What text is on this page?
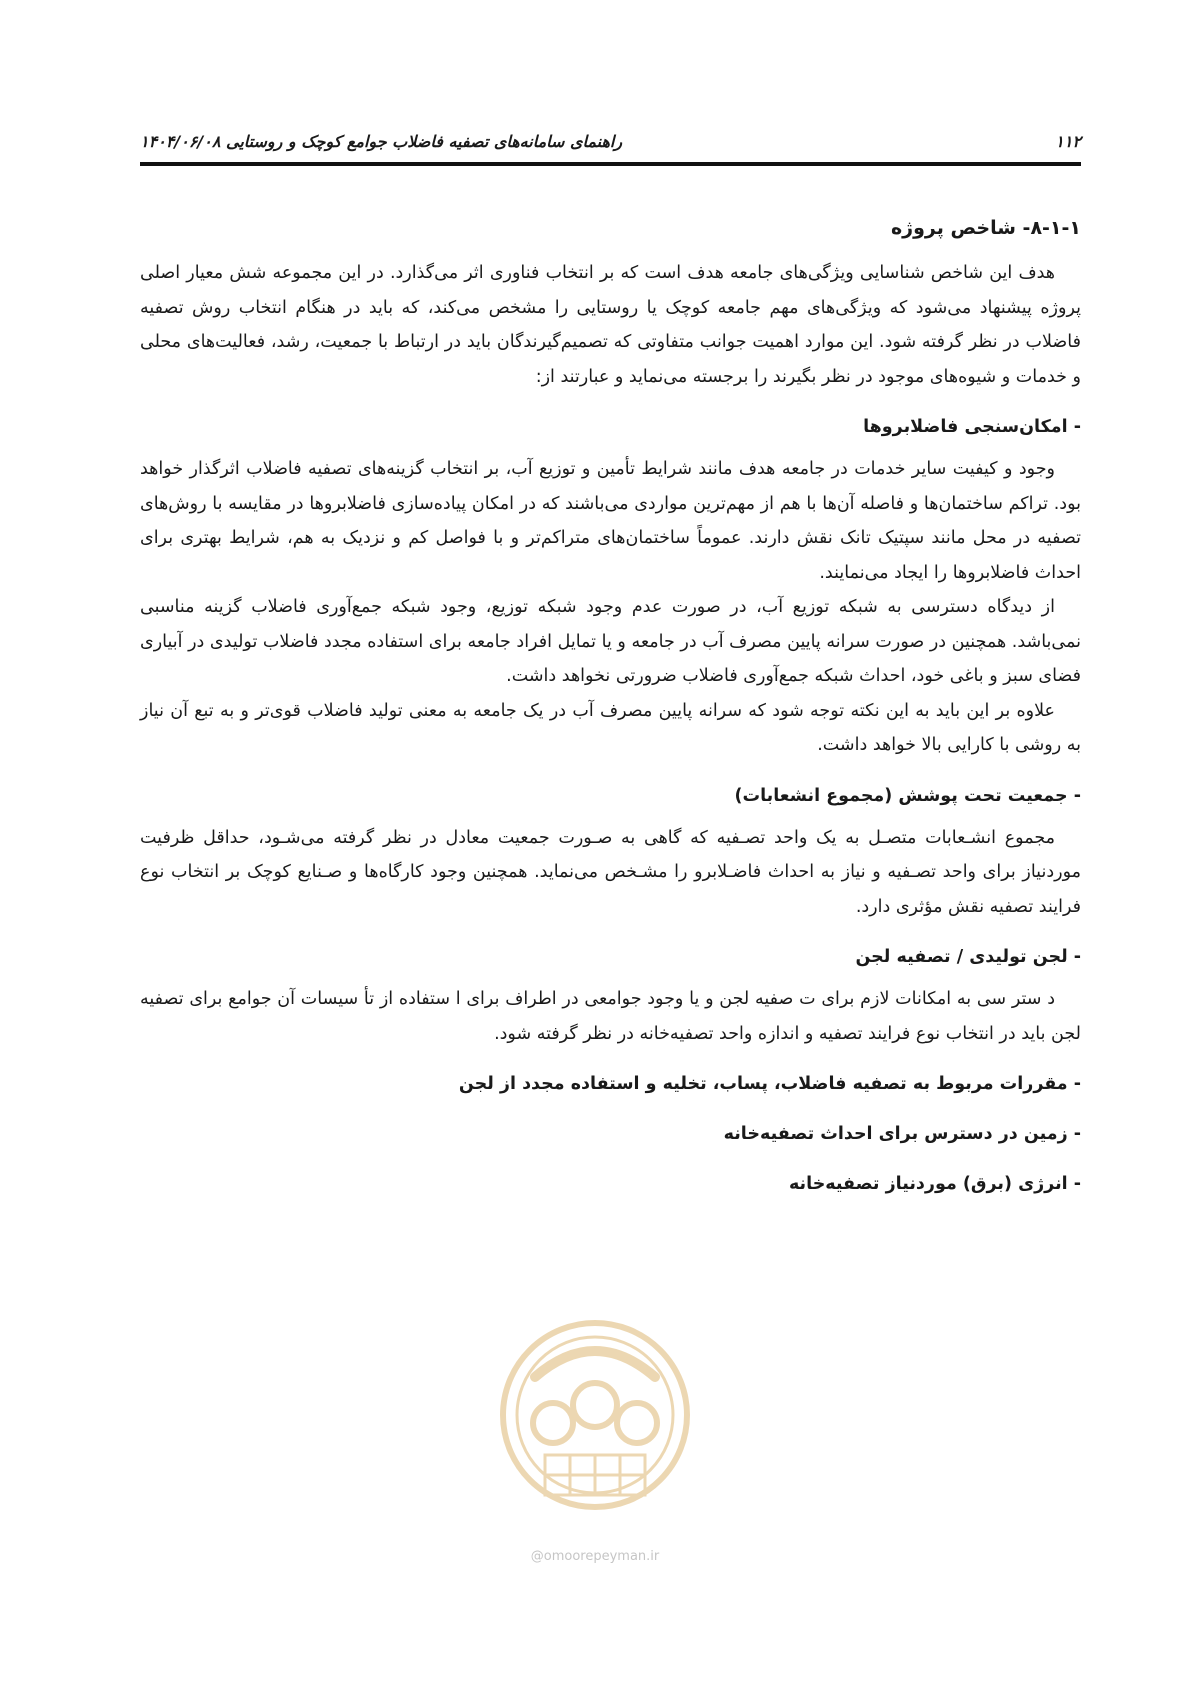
۱۱۲
راهنمای سامانه‌های تصفیه فاضلاب جوامع کوچک و روستایی ۱۴۰۴/۰۶/۰۸
۸-۱-۱- شاخص پروژه

هدف این شاخص شناسایی ویژگی‌های جامعه هدف است که بر انتخاب فناوری اثر می‌گذارد. در این مجموعه شش معیار اصلی پروژه پیشنهاد می‌شود که ویژگی‌های مهم جامعه کوچک یا روستایی را مشخص می‌کند، که باید در هنگام انتخاب روش تصفیه فاضلاب در نظر گرفته شود. این موارد اهمیت جوانب متفاوتی که تصمیم‌گیرندگان باید در ارتباط با جمعیت، رشد، فعالیت‌های محلی و خدمات و شیوه‌های موجود در نظر بگیرند را برجسته می‌نماید و عبارتند از:

- امکان‌سنجی فاضلابروها

وجود و کیفیت سایر خدمات در جامعه هدف مانند شرایط تأمین و توزیع آب، بر انتخاب گزینه‌های تصفیه فاضلاب اثرگذار خواهد بود. تراکم ساختمان‌ها و فاصله آن‌ها با هم از مهم‌ترین مواردی می‌باشند که در امکان پیاده‌سازی فاضلابروها در مقایسه با روش‌های تصفیه در محل مانند سپتیک تانک نقش دارند. عموماً ساختمان‌های متراکم‌تر و با فواصل کم و نزدیک به هم، شرایط بهتری برای احداث فاضلابروها را ایجاد می‌نمایند.

از دیدگاه دسترسی به شبکه توزیع آب، در صورت عدم وجود شبکه توزیع، وجود شبکه جمع‌آوری فاضلاب گزینه مناسبی نمی‌باشد. همچنین در صورت سرانه پایین مصرف آب در جامعه و یا تمایل افراد جامعه برای استفاده مجدد فاضلاب تولیدی در آبیاری فضای سبز و باغی خود، احداث شبکه جمع‌آوری فاضلاب ضرورتی نخواهد داشت.

علاوه بر این باید به این نکته توجه شود که سرانه پایین مصرف آب در یک جامعه به معنی تولید فاضلاب قوی‌تر و به تبع آن نیاز به روشی با کارایی بالا خواهد داشت.

- جمعیت تحت پوشش (مجموع انشعابات)

مجموع انشـعابات متصـل به یک واحد تصـفیه که گاهی به صـورت جمعیت معادل در نظر گرفته می‌شـود، حداقل ظرفیت موردنیاز برای واحد تصـفیه و نیاز به احداث فاضـلابرو را مشـخص می‌نماید. همچنین وجود کارگاه‌ها و صـنایع کوچک بر انتخاب نوع فرایند تصفیه نقش مؤثری دارد.

- لجن تولیدی / تصفیه لجن

د ستر سی به امکانات لازم برای ت صفیه لجن و یا وجود جوامعی در اطراف برای ا ستفاده از تأ سیسات آن جوامع برای تصفیه لجن باید در انتخاب نوع فرایند تصفیه و اندازه واحد تصفیه‌خانه در نظر گرفته شود.

- مقررات مربوط به تصفیه فاضلاب، پساب، تخلیه و استفاده مجدد از لجن
- زمین در دسترس برای احداث تصفیه‌خانه
- انرژی (برق) موردنیاز تصفیه‌خانه
@omoorepeyman.ir
